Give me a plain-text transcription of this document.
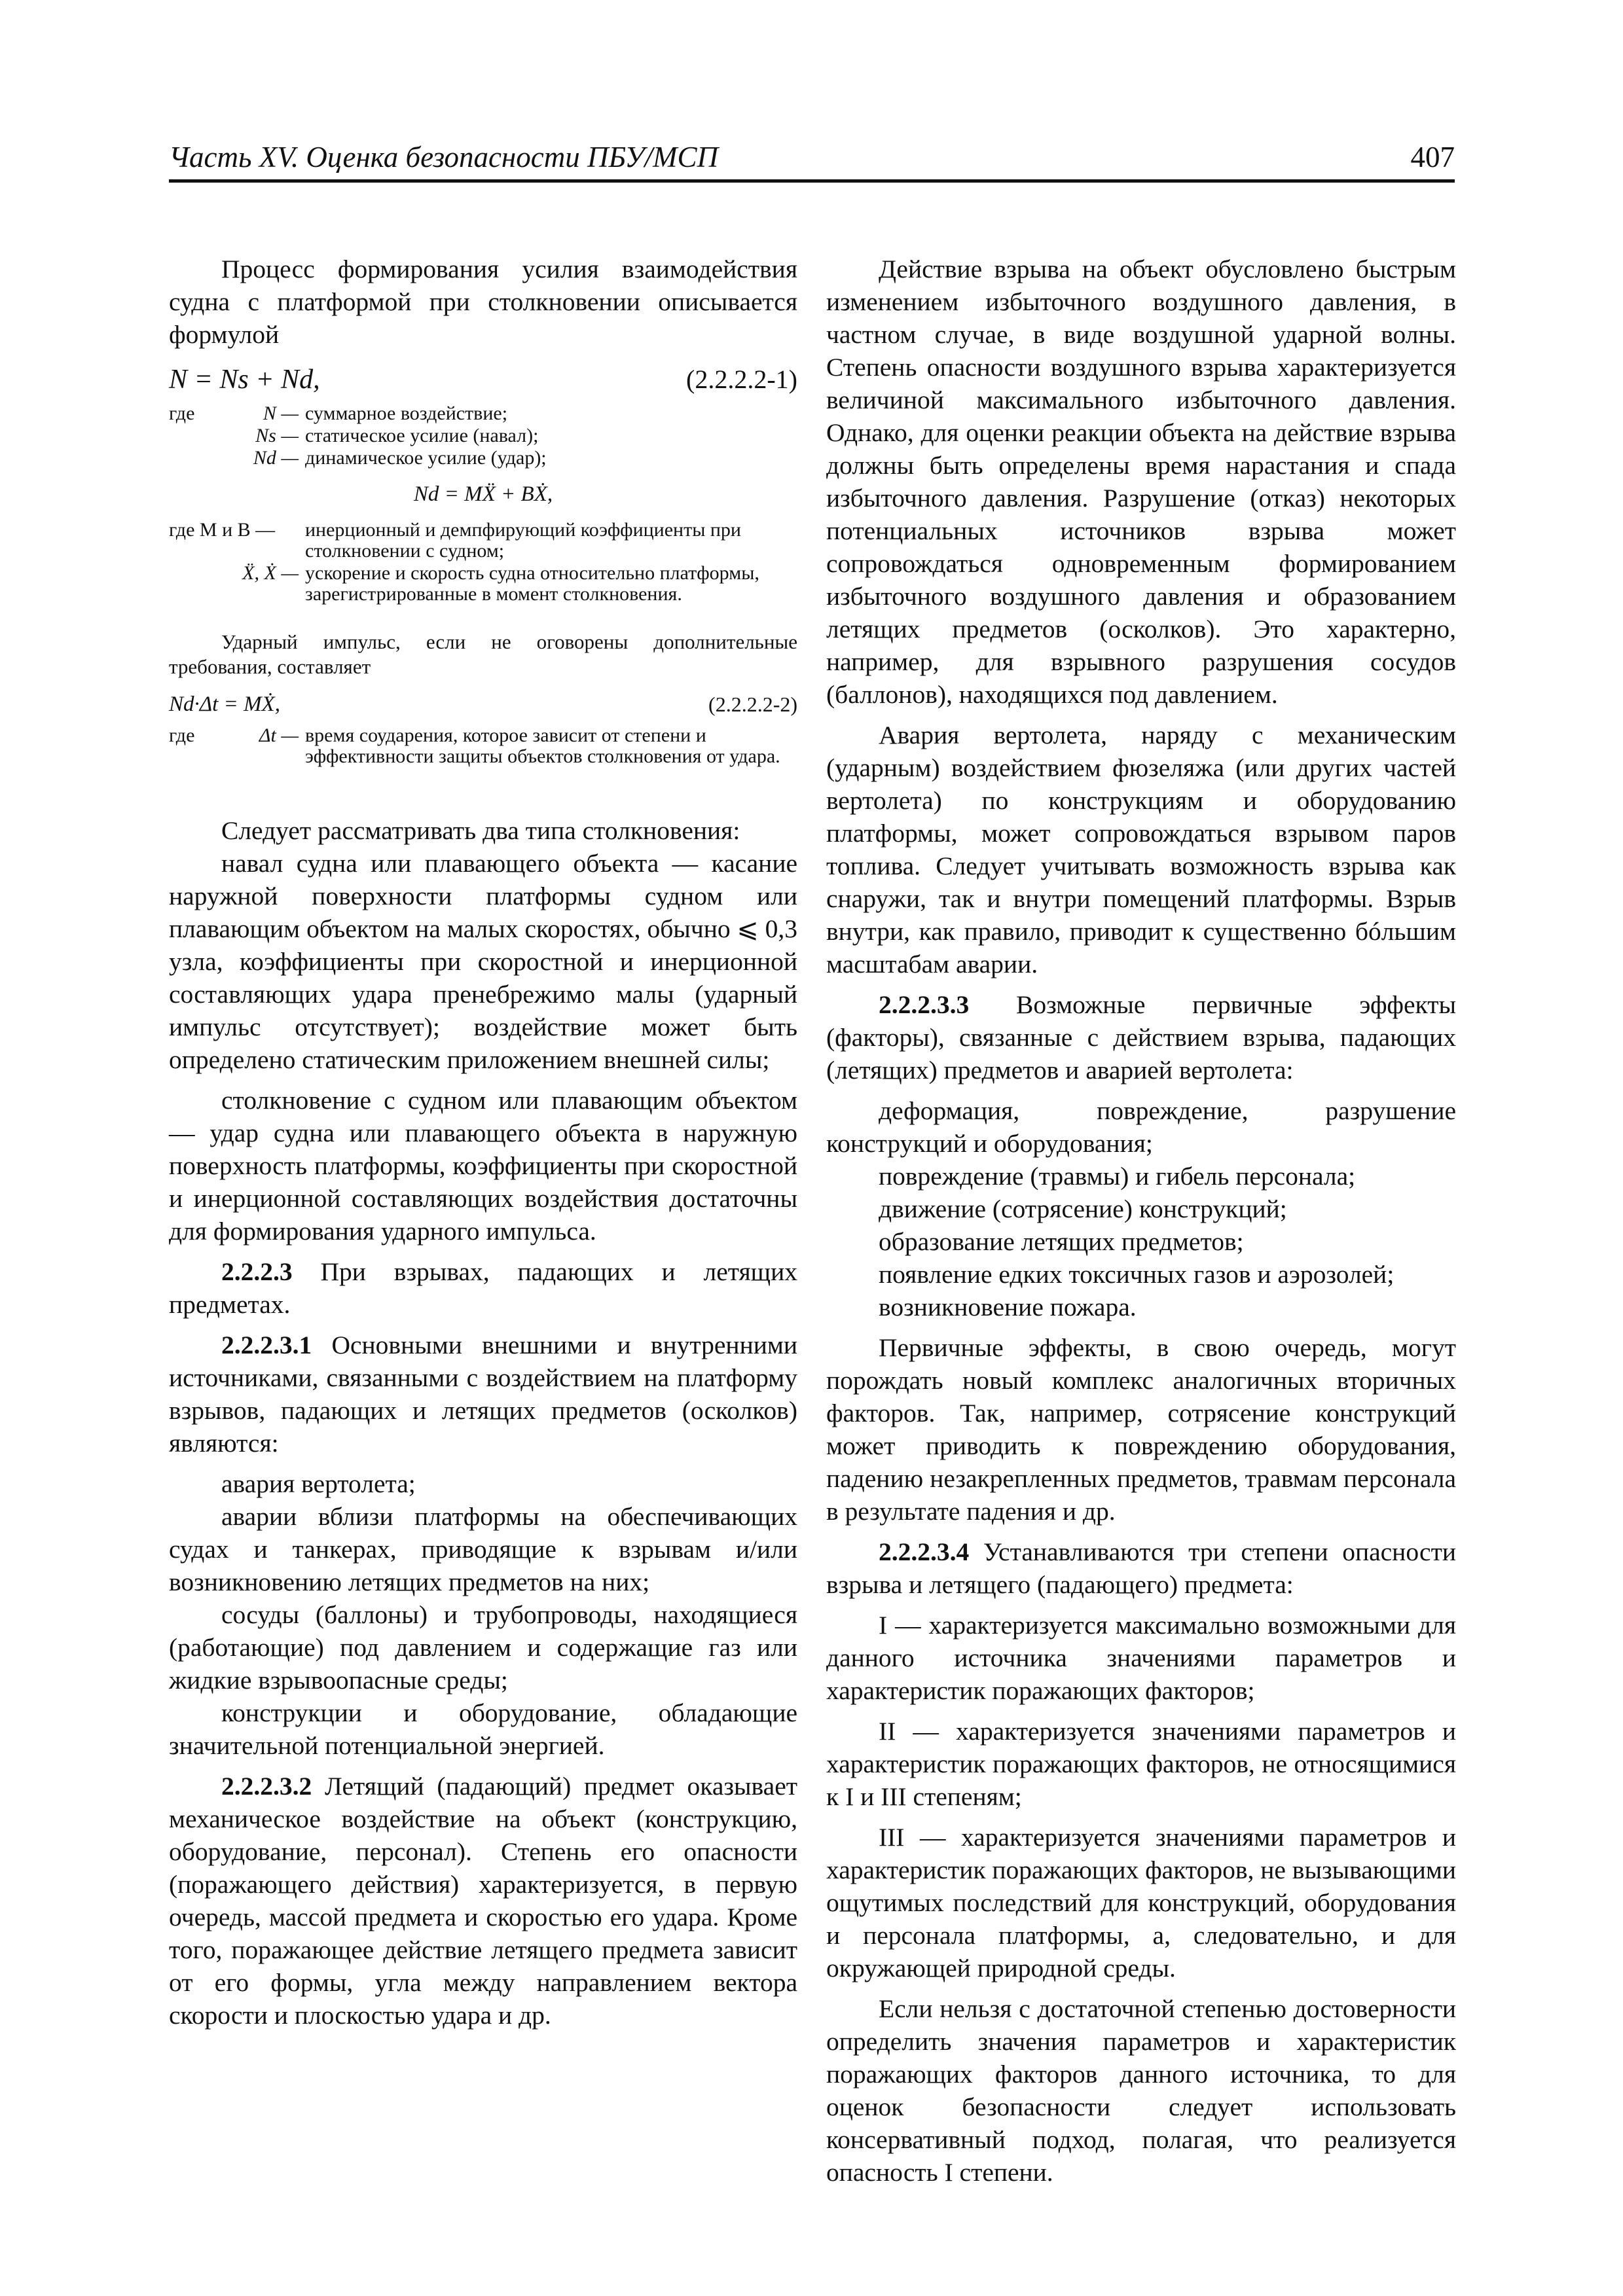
Часть XV. Оценка безопасности ПБУ/МСП	407

Процесс формирования усилия взаимодействия судна с платформой при столкновении описывается формулой

N = Ns + Nd,	(2.2.2.2-1)
где	N — суммарное воздействие;
Ns — статическое усилие (навал);
Nd — динамическое усилие (удар);
Nd = MẌ + BẊ,
где M и B —	инерционный и демпфирующий коэффициенты при столкновении с судном;
Ẍ, Ẋ — ускорение и скорость судна относительно платформы, зарегистрированные в момент столкновения.

Ударный импульс, если не оговорены дополнительные требования, составляет

Nd·Δt = MẊ,	(2.2.2.2-2)
где	Δt — время соударения, которое зависит от степени и эффективности защиты объектов столкновения от удара.

Следует рассматривать два типа столкновения:

навал судна или плавающего объекта — касание наружной поверхности платформы судном или плавающим объектом на малых скоростях, обычно ⩽ 0,3 узла, коэффициенты при скоростной и инерционной составляющих удара пренебрежимо малы (ударный импульс отсутствует); воздействие может быть определено статическим приложением внешней силы;

столкновение с судном или плавающим объектом — удар судна или плавающего объекта в наружную поверхность платформы, коэффициенты при скоростной и инерционной составляющих воздействия достаточны для формирования ударного импульса.

2.2.2.3 При взрывах, падающих и летящих предметах.

2.2.2.3.1 Основными внешними и внутренними источниками, связанными с воздействием на платформу взрывов, падающих и летящих предметов (осколков) являются:

авария вертолета;

аварии вблизи платформы на обеспечивающих судах и танкерах, приводящие к взрывам и/или возникновению летящих предметов на них;

сосуды (баллоны) и трубопроводы, находящиеся (работающие) под давлением и содержащие газ или жидкие взрывоопасные среды;

конструкции и оборудование, обладающие значительной потенциальной энергией.

2.2.2.3.2 Летящий (падающий) предмет оказывает механическое воздействие на объект (конструкцию, оборудование, персонал). Степень его опасности (поражающего действия) характеризуется, в первую очередь, массой предмета и скоростью его удара. Кроме того, поражающее действие летящего предмета зависит от его формы, угла между направлением вектора скорости и плоскостью удара и др.

Действие взрыва на объект обусловлено быстрым изменением избыточного воздушного давления, в частном случае, в виде воздушной ударной волны. Степень опасности воздушного взрыва характеризуется величиной максимального избыточного давления. Однако, для оценки реакции объекта на действие взрыва должны быть определены время нарастания и спада избыточного давления. Разрушение (отказ) некоторых потенциальных источников взрыва может сопровождаться одновременным формированием избыточного воздушного давления и образованием летящих предметов (осколков). Это характерно, например, для взрывного разрушения сосудов (баллонов), находящихся под давлением.

Авария вертолета, наряду с механическим (ударным) воздействием фюзеляжа (или других частей вертолета) по конструкциям и оборудованию платформы, может сопровождаться взрывом паров топлива. Следует учитывать возможность взрыва как снаружи, так и внутри помещений платформы. Взрыв внутри, как правило, приводит к существенно бóльшим масштабам аварии.

2.2.2.3.3 Возможные первичные эффекты (факторы), связанные с действием взрыва, падающих (летящих) предметов и аварией вертолета:

деформация, повреждение, разрушение конструкций и оборудования;

повреждение (травмы) и гибель персонала;

движение (сотрясение) конструкций;

образование летящих предметов;

появление едких токсичных газов и аэрозолей;

возникновение пожара.

Первичные эффекты, в свою очередь, могут порождать новый комплекс аналогичных вторичных факторов. Так, например, сотрясение конструкций может приводить к повреждению оборудования, падению незакрепленных предметов, травмам персонала в результате падения и др.

2.2.2.3.4 Устанавливаются три степени опасности взрыва и летящего (падающего) предмета:

I — характеризуется максимально возможными для данного источника значениями параметров и характеристик поражающих факторов;

II — характеризуется значениями параметров и характеристик поражающих факторов, не относящимися к I и III степеням;

III — характеризуется значениями параметров и характеристик поражающих факторов, не вызывающими ощутимых последствий для конструкций, оборудования и персонала платформы, а, следовательно, и для окружающей природной среды.

Если нельзя с достаточной степенью достоверности определить значения параметров и характеристик поражающих факторов данного источника, то для оценок безопасности следует использовать консервативный подход, полагая, что реализуется опасность I степени.
